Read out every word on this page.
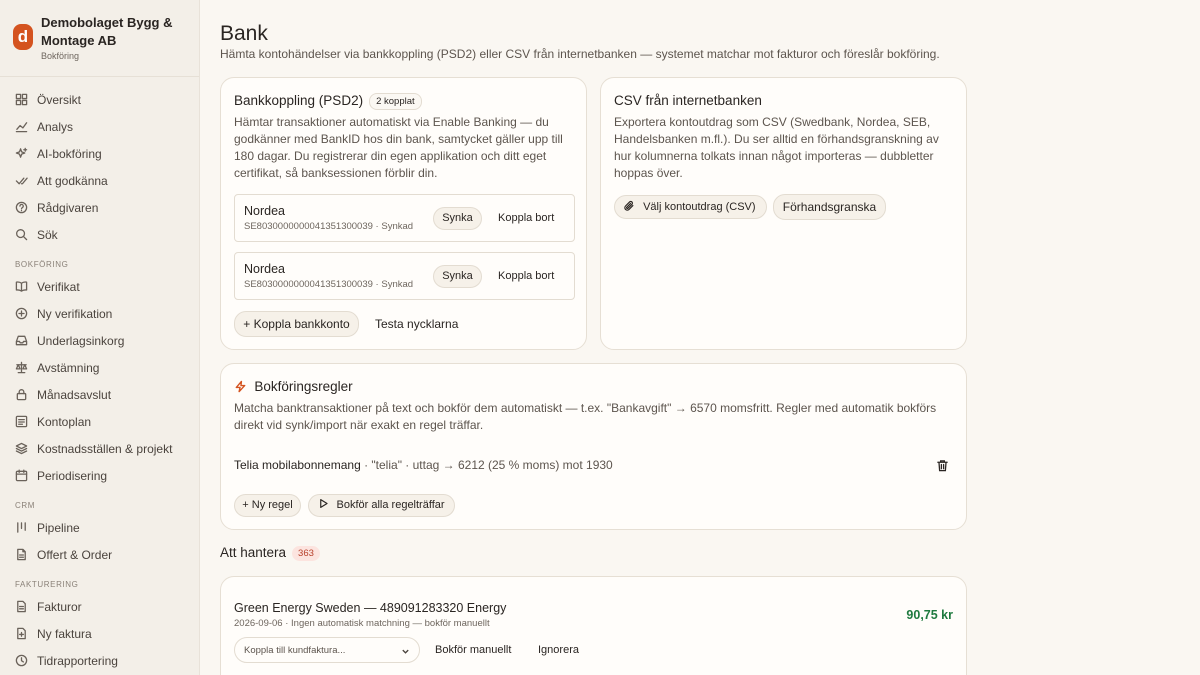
d
Demobolaget Bygg & Montage AB
Bokföring
Översikt
Analys
AI-bokföring
Att godkänna
Rådgivaren
Sök
BOKFÖRING
Verifikat
Ny verifikation
Underlagsinkorg
Avstämning
Månadsavslut
Kontoplan
Kostnadsställen & projekt
Periodisering
CRM
Pipeline
Offert & Order
FAKTURERING
Fakturor
Ny faktura
Tidrapportering
Bank
Hämta kontohändelser via bankkoppling (PSD2) eller CSV från internetbanken — systemet matchar mot fakturor och föreslår bokföring.
Bankkoppling (PSD2) 2 kopplat
Hämtar transaktioner automatiskt via Enable Banking — du godkänner med BankID hos din bank, samtycket gäller upp till 180 dagar. Du registrerar din egen applikation och ditt eget certifikat, så banksessionen förblir din.
Nordea
SE8030000000041351300039 · Synkad
Synka	Koppla bort
Nordea
SE8030000000041351300039 · Synkad
Synka	Koppla bort
+ Koppla bankkonto	Testa nycklarna
CSV från internetbanken
Exportera kontoutdrag som CSV (Swedbank, Nordea, SEB, Handelsbanken m.fl.). Du ser alltid en förhandsgranskning av hur kolumnerna tolkats innan något importeras — dubbletter hoppas över.
Välj kontoutdrag (CSV)	Förhandsgranska
Bokföringsregler
Matcha banktransaktioner på text och bokför dem automatiskt — t.ex. "Bankavgift" → 6570 momsfritt. Regler med automatik bokförs direkt vid synk/import när exakt en regel träffar.
Telia mobilabonnemang · "telia" · uttag → 6212 (25 % moms) mot 1930
+ Ny regel	Bokför alla regelträffar
Att hantera 363
Green Energy Sweden — 489091283320 Energy
2026-09-06 · Ingen automatisk matchning — bokför manuellt
90,75 kr
Koppla till kundfaktura...	Bokför manuellt Ignorera
